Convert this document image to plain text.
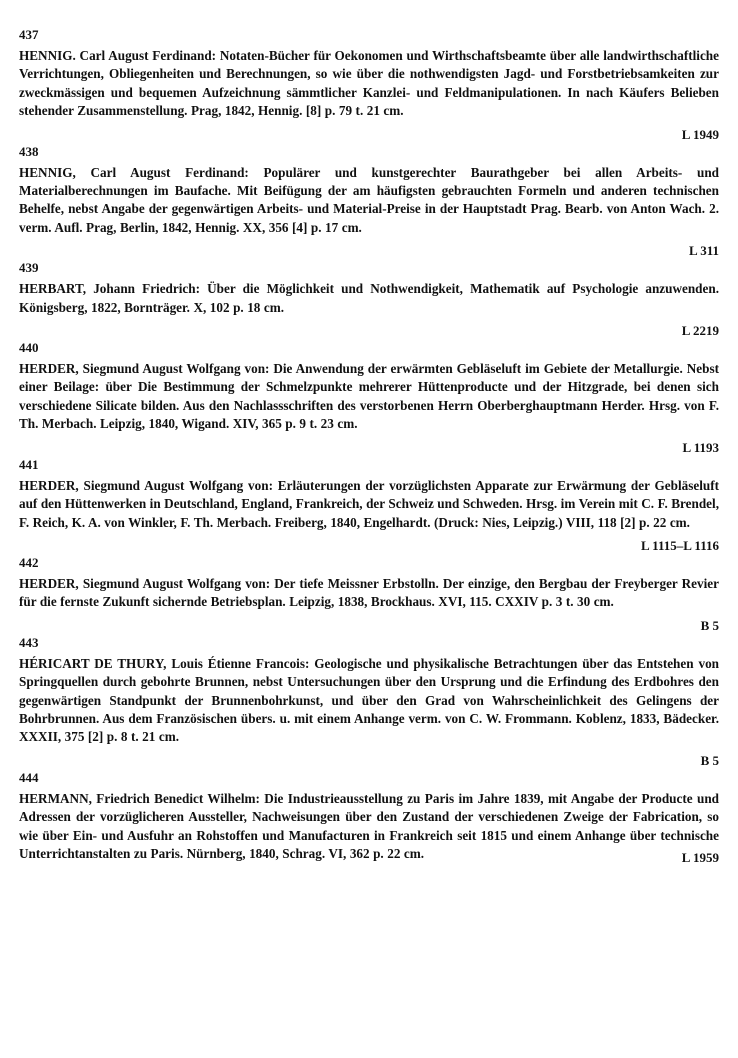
437
HENNIG. Carl August Ferdinand: Notaten-Bücher für Oekonomen und Wirthschaftsbeamte über alle landwirthschaftliche Verrichtungen, Obliegenheiten und Berechnungen, so wie über die nothwendigsten Jagd- und Forstbetriebsamkeiten zur zweckmässigen und bequemen Aufzeichnung sämmtlicher Kanzlei- und Feldmanipulationen. In nach Käufers Belieben stehender Zusammenstellung. Prag, 1842, Hennig. [8] p. 79 t. 21 cm.
L 1949
438
HENNIG, Carl August Ferdinand: Populärer und kunstgerechter Baurathgeber bei allen Arbeits- und Materialberechnungen im Baufache. Mit Beifügung der am häufigsten gebrauchten Formeln und anderen technischen Behelfe, nebst Angabe der gegenwärtigen Arbeits- und Material-Preise in der Hauptstadt Prag. Bearb. von Anton Wach. 2. verm. Aufl. Prag, Berlin, 1842, Hennig. XX, 356 [4] p. 17 cm.
L 311
439
HERBART, Johann Friedrich: Über die Möglichkeit und Nothwendigkeit, Mathematik auf Psychologie anzuwenden. Königsberg, 1822, Bornträger. X, 102 p. 18 cm.
L 2219
440
HERDER, Siegmund August Wolfgang von: Die Anwendung der erwärmten Gebläseluft im Gebiete der Metallurgie. Nebst einer Beilage: über Die Bestimmung der Schmelzpunkte mehrerer Hüttenproducte und der Hitzgrade, bei denen sich verschiedene Silicate bilden. Aus den Nachlassschriften des verstorbenen Herrn Oberberghauptmann Herder. Hrsg. von F. Th. Merbach. Leipzig, 1840, Wigand. XIV, 365 p. 9 t. 23 cm.
L 1193
441
HERDER, Siegmund August Wolfgang von: Erläuterungen der vorzüglichsten Apparate zur Erwärmung der Gebläseluft auf den Hüttenwerken in Deutschland, England, Frankreich, der Schweiz und Schweden. Hrsg. im Verein mit C. F. Brendel, F. Reich, K. A. von Winkler, F. Th. Merbach. Freiberg, 1840, Engelhardt. (Druck: Nies, Leipzig.) VIII, 118 [2] p. 22 cm.
L 1115–L 1116
442
HERDER, Siegmund August Wolfgang von: Der tiefe Meissner Erbstolln. Der einzige, den Bergbau der Freyberger Revier für die fernste Zukunft sichernde Betriebsplan. Leipzig, 1838, Brockhaus. XVI, 115. CXXIV p. 3 t. 30 cm.
B 5
443
HÉRICART DE THURY, Louis Étienne Francois: Geologische und physikalische Betrachtungen über das Entstehen von Springquellen durch gebohrte Brunnen, nebst Untersuchungen über den Ursprung und die Erfindung des Erdbohres den gegenwärtigen Standpunkt der Brunnenbohrkunst, und über den Grad von Wahrscheinlichkeit des Gelingens der Bohrbrunnen. Aus dem Französischen übers. u. mit einem Anhange verm. von C. W. Frommann. Koblenz, 1833, Bädecker. XXXII, 375 [2] p. 8 t. 21 cm.
B 5
444
HERMANN, Friedrich Benedict Wilhelm: Die Industrieausstellung zu Paris im Jahre 1839, mit Angabe der Producte und Adressen der vorzüglicheren Aussteller, Nachweisungen über den Zustand der verschiedenen Zweige der Fabrication, so wie über Ein- und Ausfuhr an Rohstoffen und Manufacturen in Frankreich seit 1815 und einem Anhange über technische Unterrichtanstalten zu Paris. Nürnberg, 1840, Schrag. VI, 362 p. 22 cm.	L 1959
